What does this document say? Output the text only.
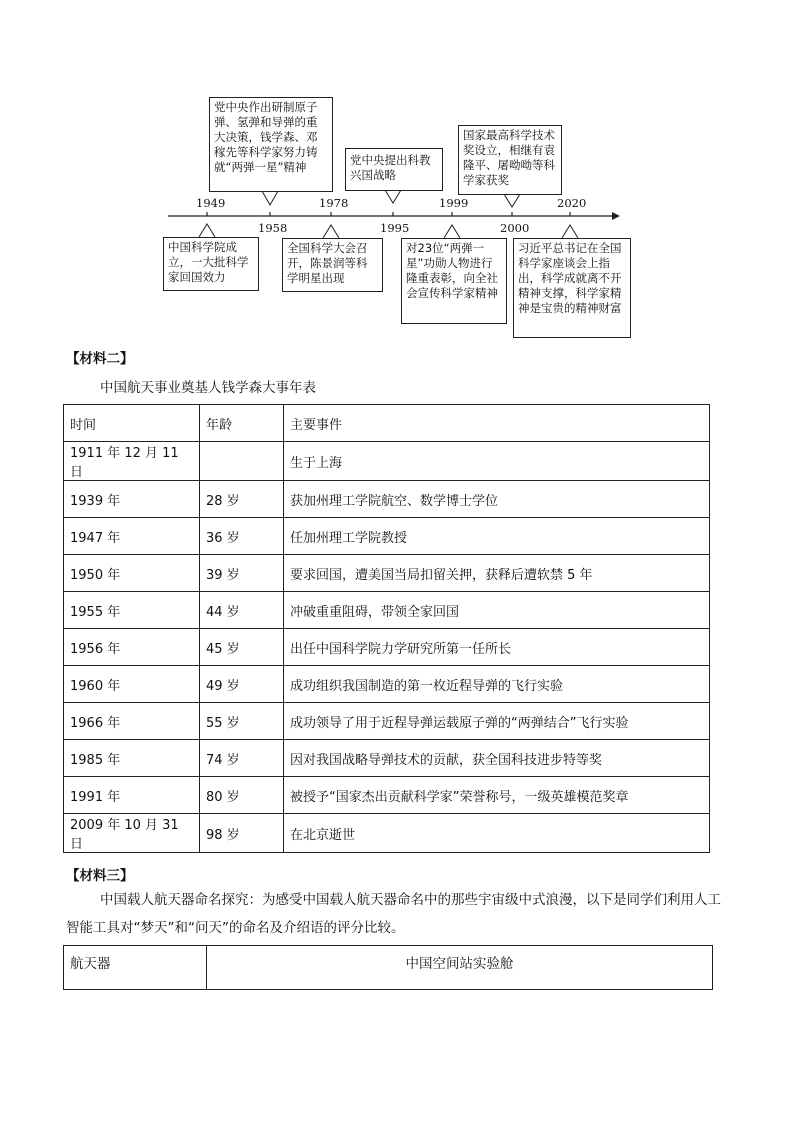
党中央作出研制原子弹、氢弹和导弹的重大决策，钱学森、邓稼先等科学家努力铸就“两弹一星”精神	党中央提出科教兴国战略
国家最高科学技术奖设立，相继有袁隆平、屠呦呦等科学家获奖
中国科学院成立，一大批科学家回国效力
全国科学大会召开，陈景润等科学明星出现
对23位“两弹一星”功勋人物进行隆重表彰，向全社会宣传科学家精神
习近平总书记在全国科学家座谈会上指出，科学成就离不开精神支撑，科学家精神是宝贵的精神财富
1949
1958
1978
1995
1999
2000
2020
【材料二】
中国航天事业奠基人钱学森大事年表
时间	年龄	主要事件
1911 年 12 月 11 日		生于上海
1939 年	28 岁	获加州理工学院航空、数学博士学位
1947 年	36 岁	任加州理工学院教授
1950 年	39 岁	要求回国，遭美国当局扣留关押，获释后遭软禁 5 年
1955 年	44 岁	冲破重重阻碍，带领全家回国
1956 年	45 岁	出任中国科学院力学研究所第一任所长
1960 年	49 岁	成功组织我国制造的第一枚近程导弹的飞行实验
1966 年	55 岁	成功领导了用于近程导弹运载原子弹的“两弹结合”飞行实验
1985 年	74 岁	因对我国战略导弹技术的贡献，获全国科技进步特等奖
1991 年	80 岁	被授予“国家杰出贡献科学家”荣誉称号，一级英雄模范奖章
2009 年 10 月 31 日	98 岁	在北京逝世
【材料三】
中国载人航天器命名探究：为感受中国载人航天器命名中的那些宇宙级中式浪漫，以下是同学们利用人工智能工具对“梦天”和“问天”的命名及介绍语的评分比较。
航天器	中国空间站实验舱
